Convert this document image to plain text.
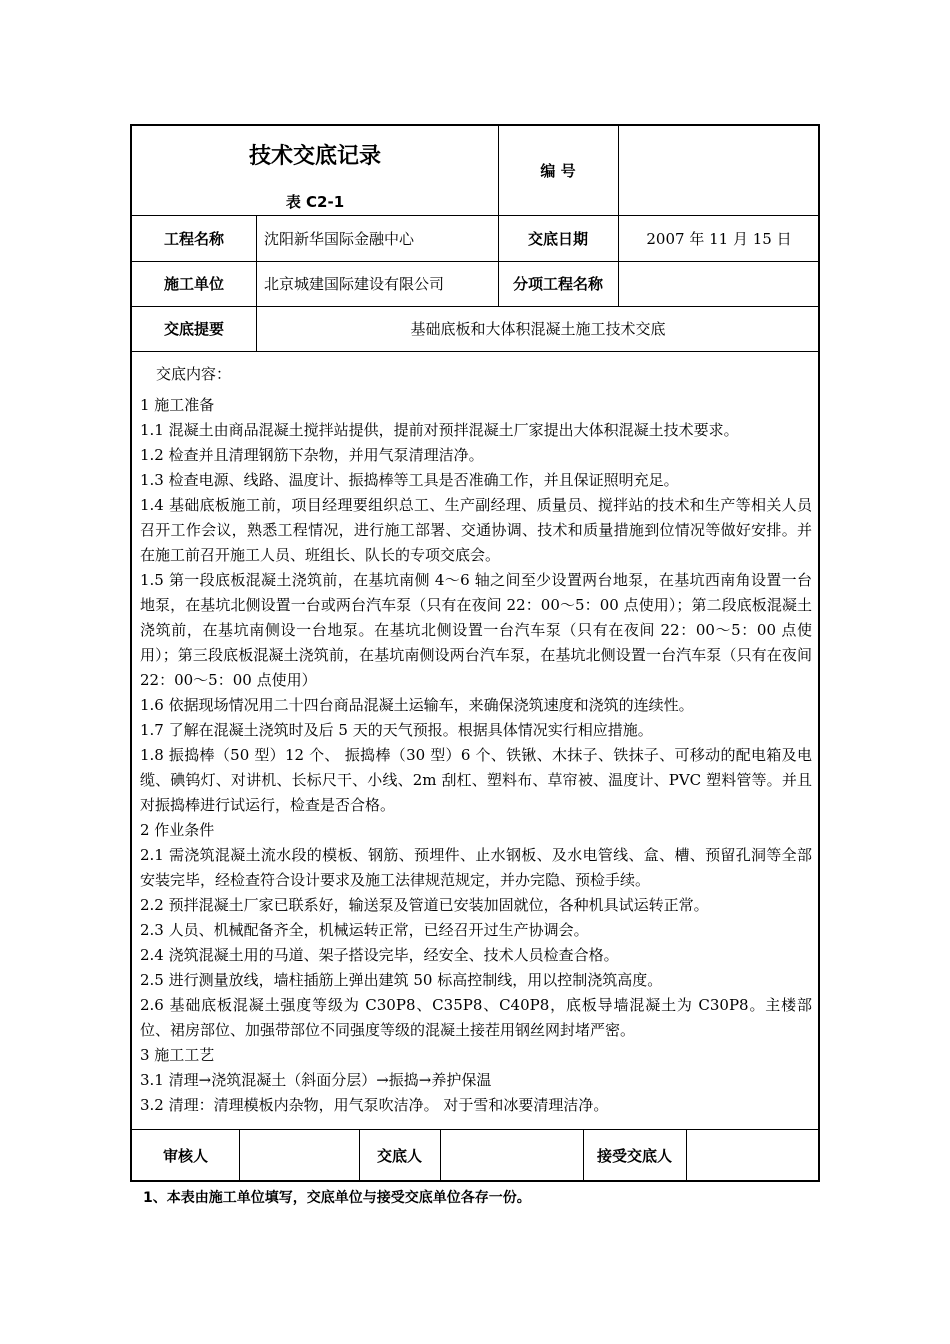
技术交底记录
表 C2-1
编 号
工程名称	沈阳新华国际金融中心	交底日期	2007 年 11 月 15 日
施工单位	北京城建国际建设有限公司	分项工程名称
交底提要	基础底板和大体积混凝土施工技术交底

交底内容：

1 施工准备

1.1 混凝土由商品混凝土搅拌站提供，提前对预拌混凝土厂家提出大体积混凝土技术要求。

1.2 检查并且清理钢筋下杂物，并用气泵清理洁净。

1.3 检查电源、线路、温度计、振捣棒等工具是否准确工作，并且保证照明充足。

1.4 基础底板施工前，项目经理要组织总工、生产副经理、质量员、搅拌站的技术和生产等相关人员召开工作会议，熟悉工程情况，进行施工部署、交通协调、技术和质量措施到位情况等做好安排。并在施工前召开施工人员、班组长、队长的专项交底会。

1.5 第一段底板混凝土浇筑前，在基坑南侧 4～6 轴之间至少设置两台地泵，在基坑西南角设置一台地泵，在基坑北侧设置一台或两台汽车泵（只有在夜间 22：00～5：00 点使用）；第二段底板混凝土浇筑前，在基坑南侧设一台地泵。在基坑北侧设置一台汽车泵（只有在夜间 22：00～5：00 点使用）；第三段底板混凝土浇筑前，在基坑南侧设两台汽车泵，在基坑北侧设置一台汽车泵（只有在夜间 22：00～5：00 点使用）

1.6 依据现场情况用二十四台商品混凝土运输车，来确保浇筑速度和浇筑的连续性。

1.7 了解在混凝土浇筑时及后 5 天的天气预报。根据具体情况实行相应措施。

1.8 振捣棒（50 型）12 个、 振捣棒（30 型）6 个、铁锹、木抹子、铁抹子、可移动的配电箱及电缆、碘钨灯、对讲机、长标尺干、小线、2m 刮杠、塑料布、草帘被、温度计、PVC 塑料管等。并且对振捣棒进行试运行，检查是否合格。

2 作业条件

2.1 需浇筑混凝土流水段的模板、钢筋、预埋件、止水钢板、及水电管线、盒、槽、预留孔洞等全部安装完毕，经检查符合设计要求及施工法律规范规定，并办完隐、预检手续。

2.2 预拌混凝土厂家已联系好，输送泵及管道已安装加固就位，各种机具试运转正常。

2.3 人员、机械配备齐全，机械运转正常，已经召开过生产协调会。

2.4 浇筑混凝土用的马道、架子搭设完毕，经安全、技术人员检查合格。

2.5 进行测量放线，墙柱插筋上弹出建筑 50 标高控制线，用以控制浇筑高度。

2.6 基础底板混凝土强度等级为 C30P8、C35P8、C40P8，底板导墙混凝土为 C30P8。主楼部位、裙房部位、加强带部位不同强度等级的混凝土接茬用钢丝网封堵严密。

3 施工工艺

3.1 清理→浇筑混凝土（斜面分层）→振捣→养护保温

3.2 清理：清理模板内杂物，用气泵吹洁净。 对于雪和冰要清理洁净。

审核人	交底人	接受交底人
1、本表由施工单位填写，交底单位与接受交底单位各存一份。
